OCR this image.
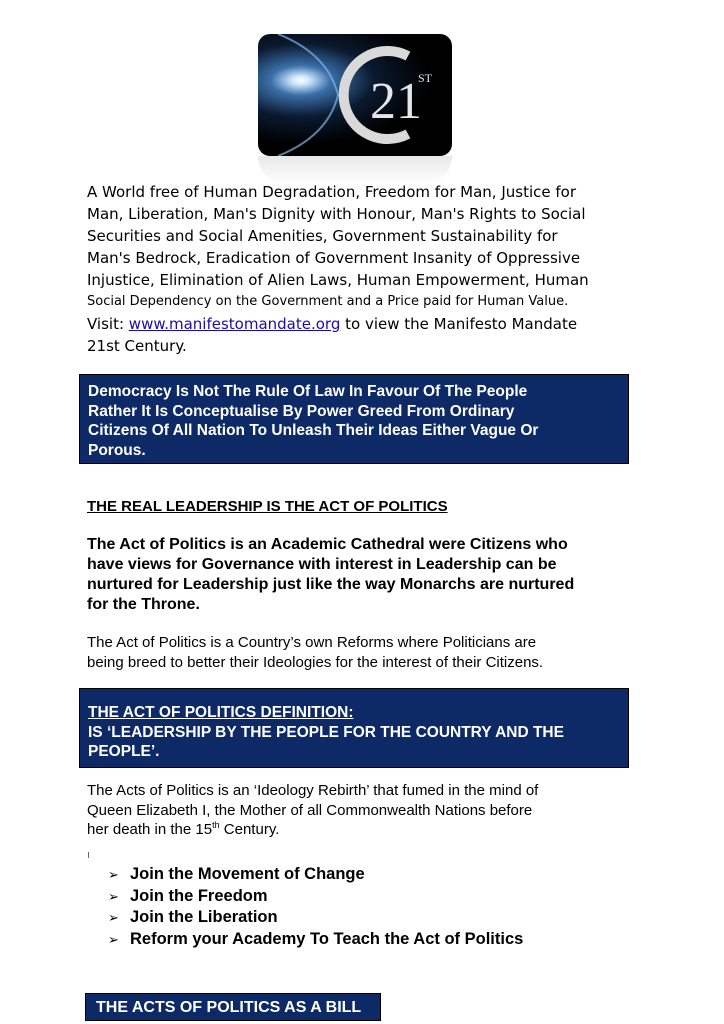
21
ST
A World free of Human Degradation, Freedom for Man, Justice for
Man, Liberation, Man's Dignity with Honour, Man's Rights to Social
Securities and Social Amenities, Government Sustainability for
Man's Bedrock, Eradication of Government Insanity of Oppressive
Injustice, Elimination of Alien Laws, Human Empowerment, Human
Social Dependency on the Government and a Price paid for Human Value.
Visit: www.manifestomandate.org to view the Manifesto Mandate
21st Century.
Democracy Is Not The Rule Of Law In Favour Of The People
Rather It Is Conceptualise By Power Greed From Ordinary
Citizens Of All Nation To Unleash Their Ideas Either Vague Or
Porous.
THE REAL LEADERSHIP IS THE ACT OF POLITICS
The Act of Politics is an Academic Cathedral were Citizens who
have views for Governance with interest in Leadership can be
nurtured for Leadership just like the way Monarchs are nurtured
for the Throne.
The Act of Politics is a Country’s own Reforms where Politicians are
being breed to better their Ideologies for the interest of their Citizens.
THE ACT OF POLITICS DEFINITION:
IS ‘LEADERSHIP BY THE PEOPLE FOR THE COUNTRY AND THE
PEOPLE’.
The Acts of Politics is an ‘Ideology Rebirth’ that fumed in the mind of
Queen Elizabeth I, the Mother of all Commonwealth Nations before
her death in the 15th Century.
➢ Join the Movement of Change
➢ Join the Freedom
➢ Join the Liberation
➢ Reform your Academy To Teach the Act of Politics
THE ACTS OF POLITICS AS A BILL
